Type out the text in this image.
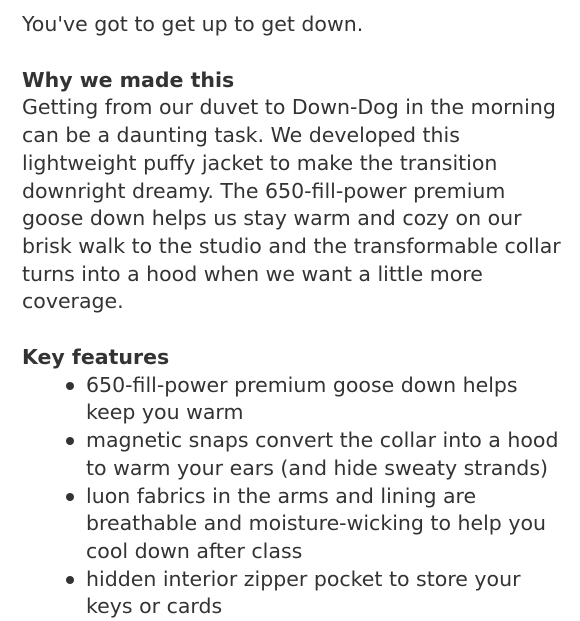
You've got to get up to get down.

Why we made this

Getting from our duvet to Down-Dog in the morning can be a daunting task. We developed this lightweight puffy jacket to make the transition downright dreamy. The 650-fill-power premium goose down helps us stay warm and cozy on our brisk walk to the studio and the transformable collar turns into a hood when we want a little more coverage.

Key features
650-fill-power premium goose down helps keep you warm
magnetic snaps convert the collar into a hood to warm your ears (and hide sweaty strands)
luon fabrics in the arms and lining are breathable and moisture-wicking to help you cool down after class
hidden interior zipper pocket to store your keys or cards
